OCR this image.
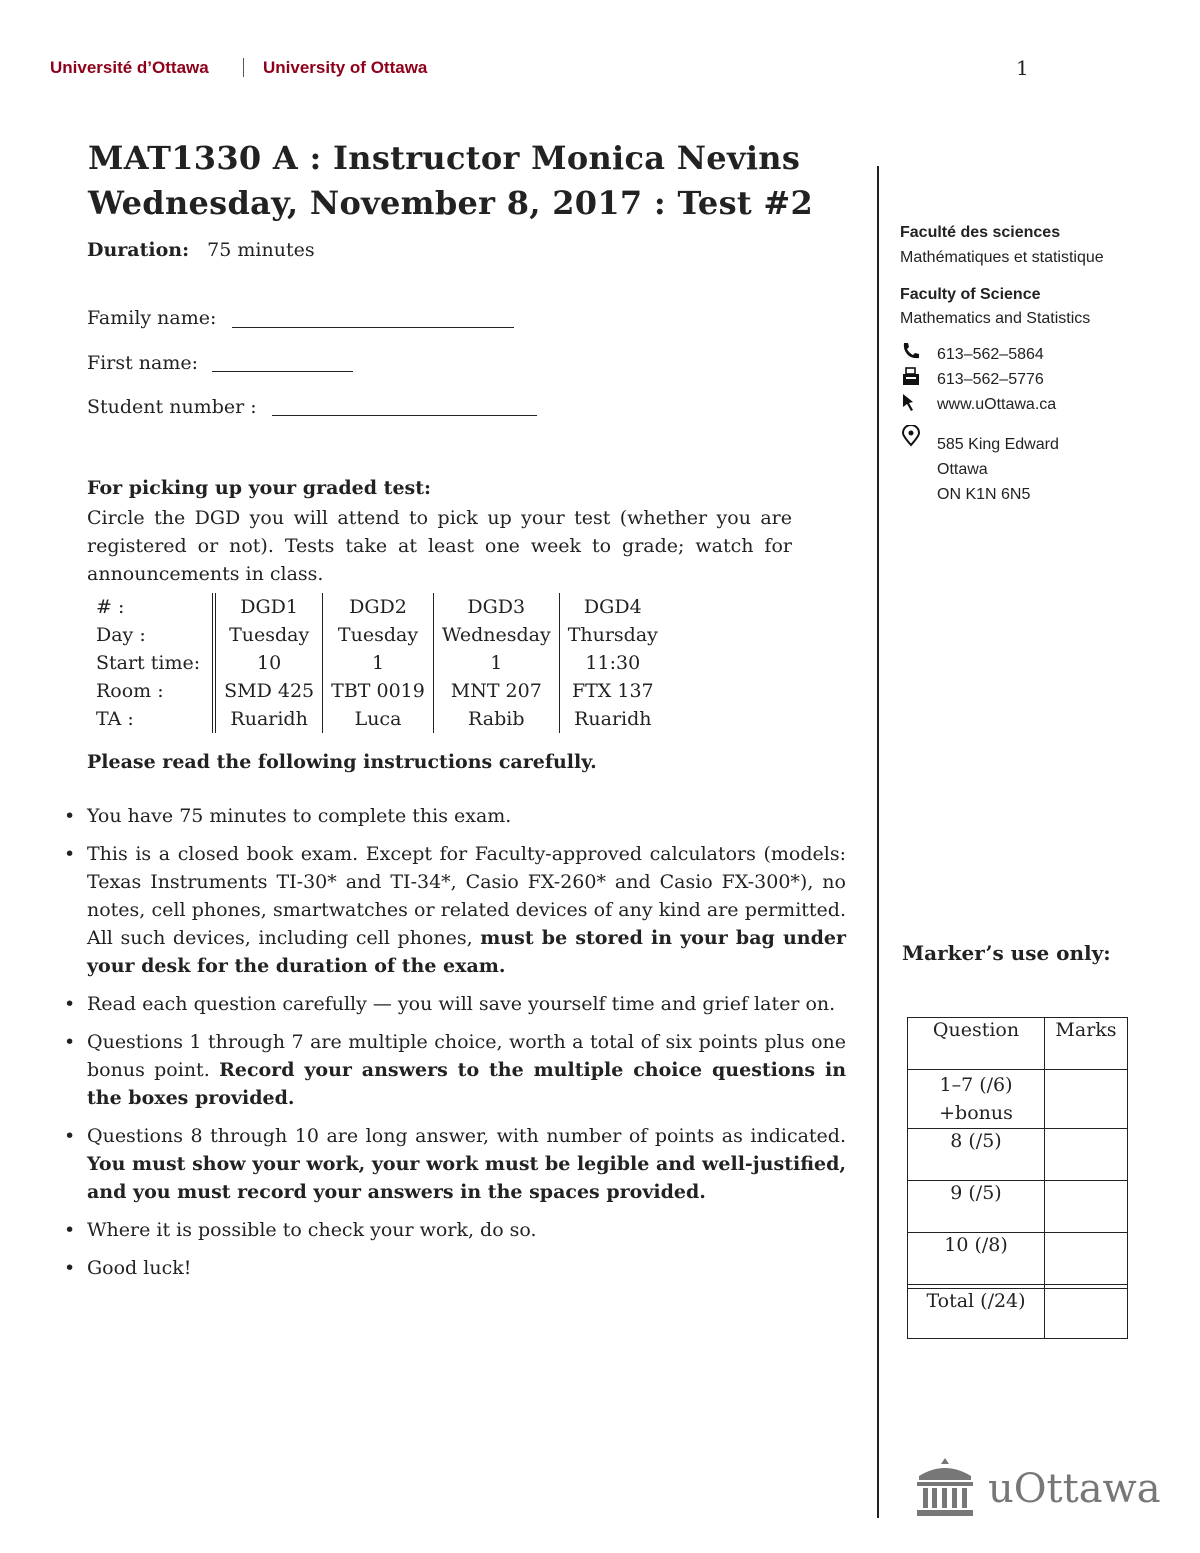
Université d’Ottawa	University of Ottawa	1
MAT1330 A : Instructor Monica Nevins
Wednesday, November 8, 2017 : Test #2
Duration: 75 minutes
Family name:
First name:
Student number :
For picking up your graded test:
Circle the DGD you will attend to pick up your test (whether you are registered or not). Tests take at least one week to grade; watch for announcements in class.
# :	DGD1	DGD2	DGD3	DGD4
Day :	Tuesday	Tuesday	Wednesday	Thursday
Start time:	10	1	1	11:30
Room :	SMD 425	TBT 0019	MNT 207	FTX 137
TA :	Ruaridh	Luca	Rabib	Ruaridh
Please read the following instructions carefully.
• You have 75 minutes to complete this exam.
• This is a closed book exam. Except for Faculty-approved calculators (models: Texas Instruments TI-30* and TI-34*, Casio FX-260* and Casio FX-300*), no notes, cell phones, smartwatches or related devices of any kind are permitted. All such devices, including cell phones, must be stored in your bag under your desk for the duration of the exam.
• Read each question carefully — you will save yourself time and grief later on.
• Questions 1 through 7 are multiple choice, worth a total of six points plus one bonus point. Record your answers to the multiple choice questions in the boxes provided.
• Questions 8 through 10 are long answer, with number of points as indicated. You must show your work, your work must be legible and well-justified, and you must record your answers in the spaces provided.
• Where it is possible to check your work, do so.
• Good luck!
Faculté des sciences
Mathématiques et statistique
Faculty of Science
Mathematics and Statistics
613–562–5864
613–562–5776
www.uOttawa.ca
585 King Edward
Ottawa
ON K1N 6N5
Marker’s use only:
Question	Marks

1–7 (/6)
+bonus	

8 (/5)	
9 (/5)	
10 (/8)	

Total (/24)	
uOttawa
